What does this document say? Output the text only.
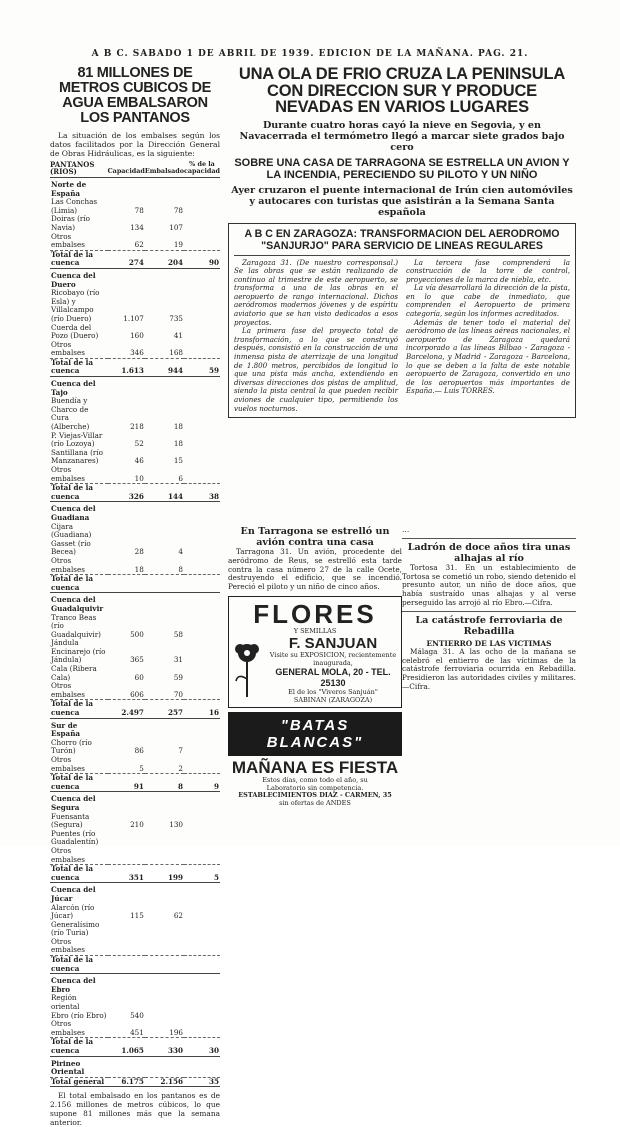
A B C. SABADO 1 DE ABRIL DE 1939. EDICION DE LA MAÑANA. PAG. 21.
81 MILLONES DE METROS CUBICOS DE AGUA EMBALSARON LOS PANTANOS

La situación de los embalses según los datos facilitados por la Dirección General de Obras Hidráulicas, es la siguiente:

PANTANOS (RIOS)	Capacidad	Embalsado	% de la capacidad
Norte de España			
Las Conchas (Limia)	78	78	
Doiras (río Navia)	134	107	
Otros embalses	62	19	
Total de la cuenca	274	204	90
Cuenca del Duero			
Ricobayo (río Esla) y Villalcampo (río Duero)	1.107	735	
Cuerda del Pozo (Duero)	160	41	
Otros embalses	346	168	
Total de la cuenca	1.613	944	59
Cuenca del Tajo			
Buendía y Charco de Cura (Alberche)	218	18	
P. Viejas-Villar (río Lozoya)	52	18	
Santillana (río Manzanares)	46	15	
Otros embalses	10	6	
Total de la cuenca	326	144	38
Cuenca del Guadiana			
Cijara (Guadiana)			
Gasset (río Becea)	28	4	
Otros embalses	18	8	
Total de la cuenca			
Cuenca del Guadalquivir			
Tranco Beas (río Guadalquivir)	500	58	
Jándula Encinarejo (río Jándula)	365	31	
Cala (Ribera Cala)	60	59	
Otros embalses	606	70	
Total de la cuenca	2.497	257	16
Sur de España			
Chorro (río Turón)	86	7	
Otros embalses	5	2	
Total de la cuenca	91	8	9
Cuenca del Segura			
Fuensanta (Segura)	210	130	
Puentes (río Guadalentín)			
Otros embalses			
Total de la cuenca	351	199	5
Cuenca del Júcar			
Alarcón (río Júcar)	115	62	
Generalísimo (río Turia)			
Otros embalses			
Total de la cuenca			
Cuenca del Ebro			
Región oriental			
Ebro (río Ebro)	540		
Otros embalses	451	196	
Total de la cuenca	1.065	330	30
Pirineo Oriental			
Total general	6.175	2.156	35

El total embalsado en los pantanos es de 2.156 millones de metros cúbicos, lo que supone 81 millones más que la semana anterior.

UNA OLA DE FRIO CRUZA LA PENINSULA CON DIRECCION SUR Y PRODUCE NEVADAS EN VARIOS LUGARES
Durante cuatro horas cayó la nieve en Segovia, y en Navacerrada el termómetro llegó a marcar siete grados bajo cero
SOBRE UNA CASA DE TARRAGONA SE ESTRELLA UN AVION Y LA INCENDIA, PERECIENDO SU PILOTO Y UN NIÑO
Ayer cruzaron el puente internacional de Irún cien automóviles y autocares con turistas que asistirán a la Semana Santa española
A B C EN ZARAGOZA: TRANSFORMACION DEL AERODROMO "SANJURJO" PARA SERVICIO DE LINEAS REGULARES

Zaragoza 31. (De nuestro corresponsal.) Se las obras que se están realizando de continuo al trimestre de este aeropuerto, se transforma a una de las obras en el aeropuerto de rango internacional. Dichos aeródromos modernos jóvenes y de espíritu aviatorio que se han visto dedicados a esos proyectos.

La primera fase del proyecto total de transformación, a lo que se construyó después, consistió en la construcción de una inmensa pista de aterrizaje de una longitud de 1.800 metros, percibidos de longitud lo que una pista más ancha, extendiendo en diversas direcciones dos pistas de amplitud, siendo la pista central la que pueden recibir aviones de cualquier tipo, permitiendo los vuelos nocturnos.

La tercera fase comprenderá la construcción de la torre de control, proyecciones de la marca de niebla, etc.

La vía desarrollará la dirección de la pista, en lo que cabe de inmediato, que comprenden el Aeropuerto de primera categoría, según los informes acreditados.

Además de tener todo el material del aeródromo de las líneas aéreas nacionales, el aeropuerto de Zaragoza quedará incorporado a las líneas Bilbao - Zaragoza - Barcelona, y Madrid - Zaragoza - Barcelona, lo que se deben a la falta de este notable aeropuerto de Zaragoza, convertido en uno de los aeropuertos más importantes de España.— Luis TORRES.

En Tarragona se estrelló un avión contra una casa

Tarragona 31. Un avión, procedente del aeródromo de Reus, se estrelló esta tarde contra la casa número 27 de la calle Ocete, destruyendo el edificio, que se incendió. Pereció el piloto y un niño de cinco años.

FLORES
Y SEMILLAS
F. SANJUAN
Visite su EXPOSICION, recientemente inaugurada,
GENERAL MOLA, 20 - TEL. 25130
El de los "Viveros Sanjuán"
SABINAN (ZARAGOZA)
"BATAS BLANCAS"
MAÑANA ES FIESTA
Estos días, como todo el año, su
Laboratorio sin competencia.
ESTABLECIMIENTOS DIAZ - CARMEN, 35
sin ofertas de ANDES

…

Ladrón de doce años tira unas alhajas al río

Tortosa 31. En un establecimiento de Tortosa se cometió un robo, siendo detenido el presunto autor, un niño de doce años, que había sustraído unas alhajas y al verse perseguido las arrojó al río Ebro.—Cifra.

La catástrofe ferroviaria de Rebadilla
ENTIERRO DE LAS VICTIMAS

Málaga 31. A las ocho de la mañana se celebró el entierro de las víctimas de la catástrofe ferroviaria ocurrida en Rebadilla. Presidieron las autoridades civiles y militares.—Cifra.
